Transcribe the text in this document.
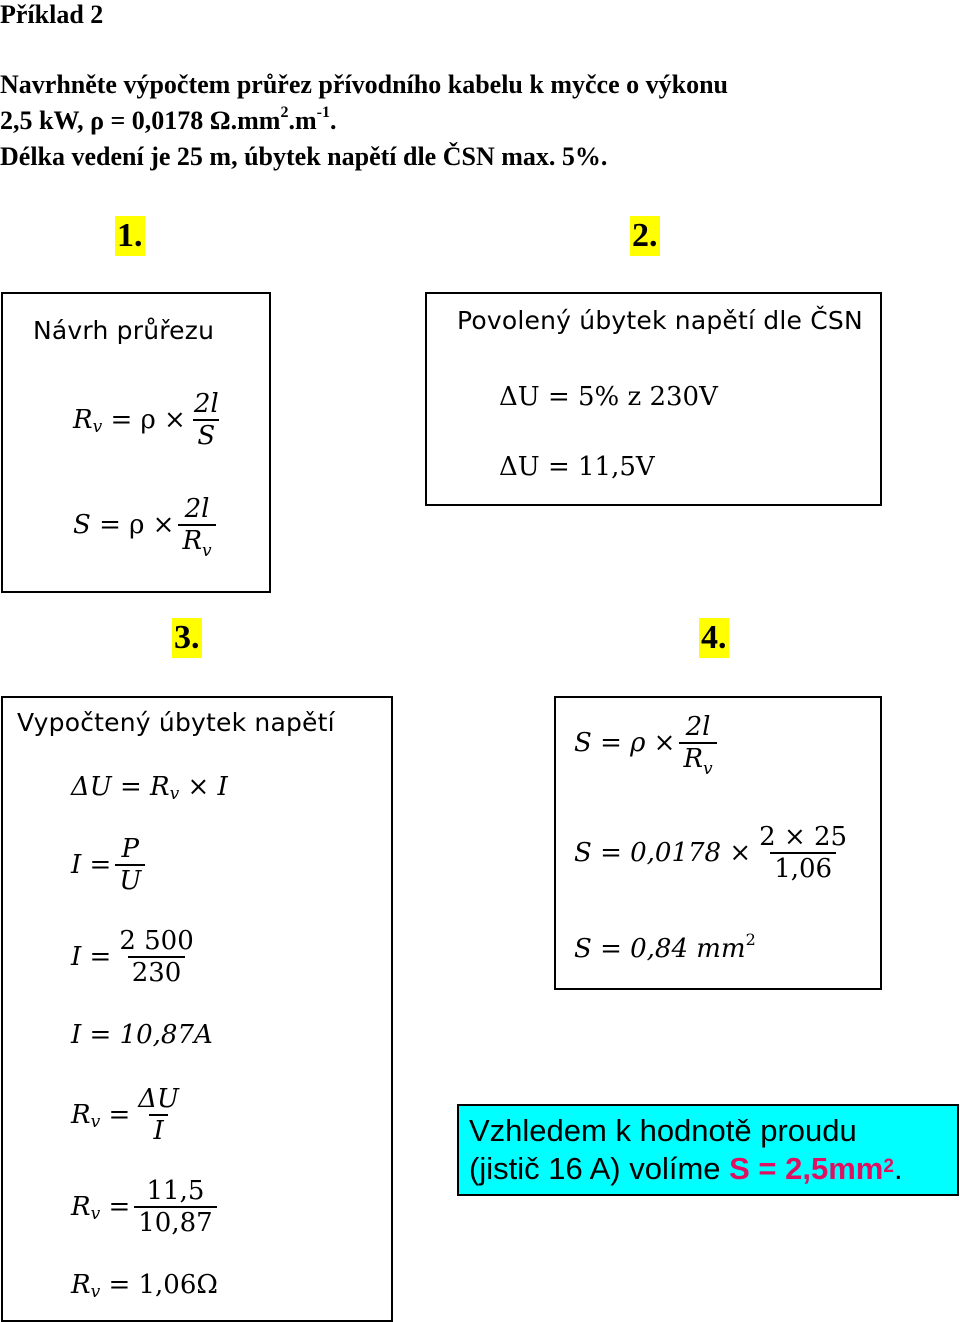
Příklad 2
Navrhněte výpočtem průřez přívodního kabelu k myčce o výkonu
2,5 kW, ρ = 0,0178 $\Omega.mm^2.m^{-1}$.
Délka vedení je 25 m, úbytek napětí dle ČSN max. 5%.
1.	2.
3.	4.
Návrh průřezu
R v
= $\rho \times \frac{2l}{S}$
S
= $\rho \times \frac{2l}{R_v}$
Povolený úbytek napětí dle ČSN
ΔU = 5% z 230V
ΔU = 11,5V
Vypočtený úbytek napětí
ΔU = R v
× I
$I = \frac{P}{U}$
$I = \frac{2 500}{230}$
I = 10,87A
R v
= $\frac{\Delta U}{I}$
R v
= $\frac{11,5}{10,87}$
R v
= 1,06Ω
$S = \rho \times \frac{2l}{R_v}$
$S = 0,0178 \times \frac{2 \times 25}{1,06}$
S = 0,84 $mm^2$
Vzhledem k hodnotě proudu
(jistič 16 A) volíme $S = 2,5mm^2$.
